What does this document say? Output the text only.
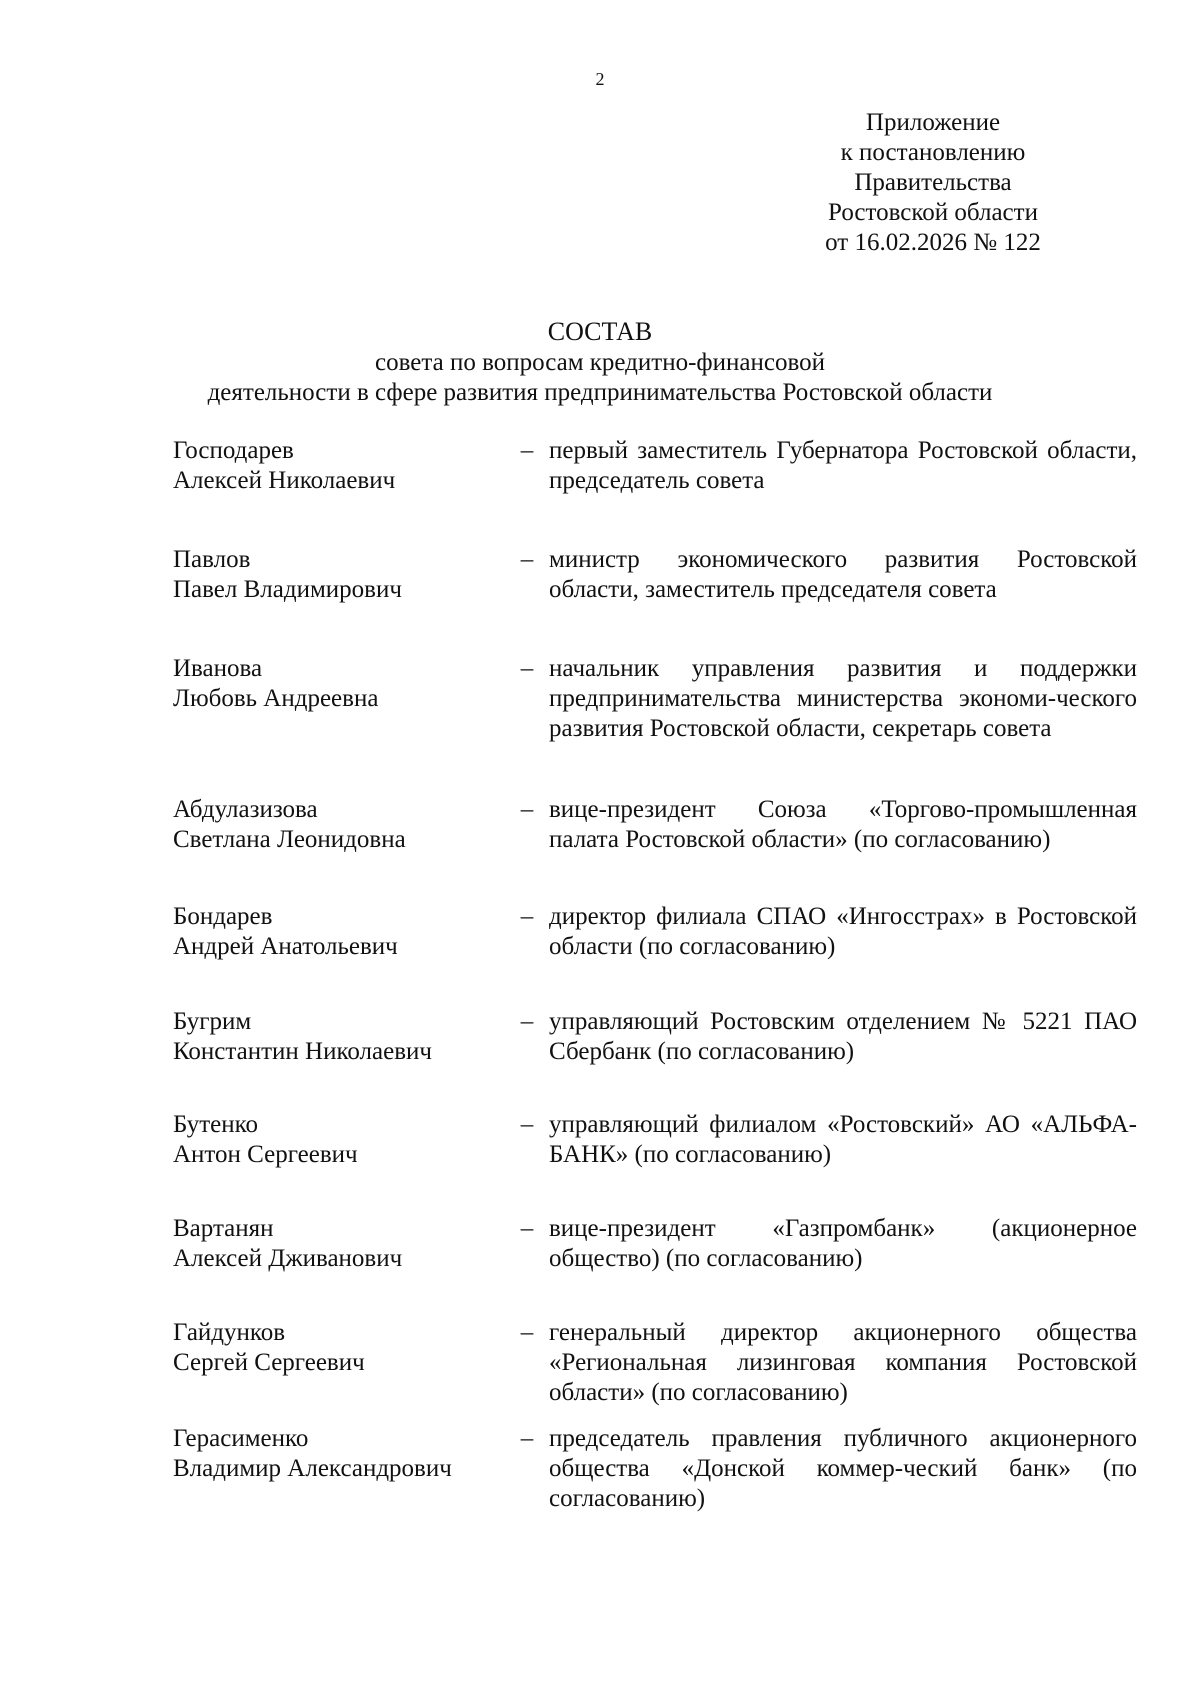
2
Приложение
к постановлению
Правительства
Ростовской области
от 16.02.2026 № 122
СОСТАВ
совета по вопросам кредитно-финансовой
деятельности в сфере развития предпринимательства Ростовской области
Господарев
Алексей Николаевич
– первый заместитель Губернатора Ростовской области, председатель совета
Павлов
Павел Владимирович
– министр экономического развития Ростовской области, заместитель председателя совета
Иванова
Любовь Андреевна
– начальник управления развития и поддержки предпринимательства министерства экономи-ческого развития Ростовской области, секретарь совета
Абдулазизова
Светлана Леонидовна
– вице-президент Союза «Торгово-промышленная палата Ростовской области» (по согласованию)
Бондарев
Андрей Анатольевич
– директор филиала СПАО «Ингосстрах» в Ростовской области (по согласованию)
Бугрим
Константин Николаевич
– управляющий Ростовским отделением № 5221 ПАО Сбербанк (по согласованию)
Бутенко
Антон Сергеевич
– управляющий филиалом «Ростовский» АО «АЛЬФА-БАНК» (по согласованию)
Вартанян
Алексей Дживанович
– вице-президент «Газпромбанк» (акционерное общество) (по согласованию)
Гайдунков
Сергей Сергеевич
– генеральный директор акционерного общества «Региональная лизинговая компания Ростовской области» (по согласованию)
Герасименко
Владимир Александрович
– председатель правления публичного акционерного общества «Донской коммер-ческий банк» (по согласованию)
